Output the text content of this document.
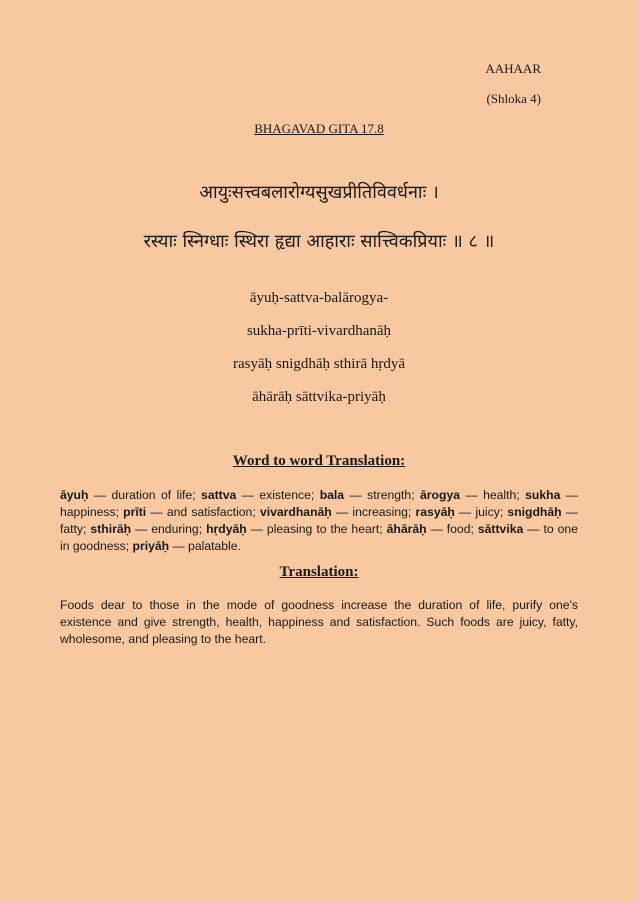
AAHAAR
(Shloka 4)
BHAGAVAD GITA 17.8
आयुःसत्त्वबलारोग्यसुखप्रीतिविवर्धनाः ।
रस्याः स्निग्धाः स्थिरा हृद्या आहाराः सात्त्विकप्रियाः ॥ ८ ॥
āyuḥ-sattva-balārogya-
sukha-prīti-vivardhanāḥ
rasyāḥ snigdhāḥ sthirā hṛdyā
āhārāḥ sāttvika-priyāḥ
Word to word Translation:
āyuḥ — duration of life; sattva — existence; bala — strength; ārogya — health; sukha — happiness; prīti — and satisfaction; vivardhanāḥ — increasing; rasyāḥ — juicy; snigdhāḥ — fatty; sthirāḥ — enduring; hṛdyāḥ — pleasing to the heart; āhārāḥ — food; sāttvika — to one in goodness; priyāḥ — palatable.
Translation:
Foods dear to those in the mode of goodness increase the duration of life, purify one's existence and give strength, health, happiness and satisfaction. Such foods are juicy, fatty, wholesome, and pleasing to the heart.
